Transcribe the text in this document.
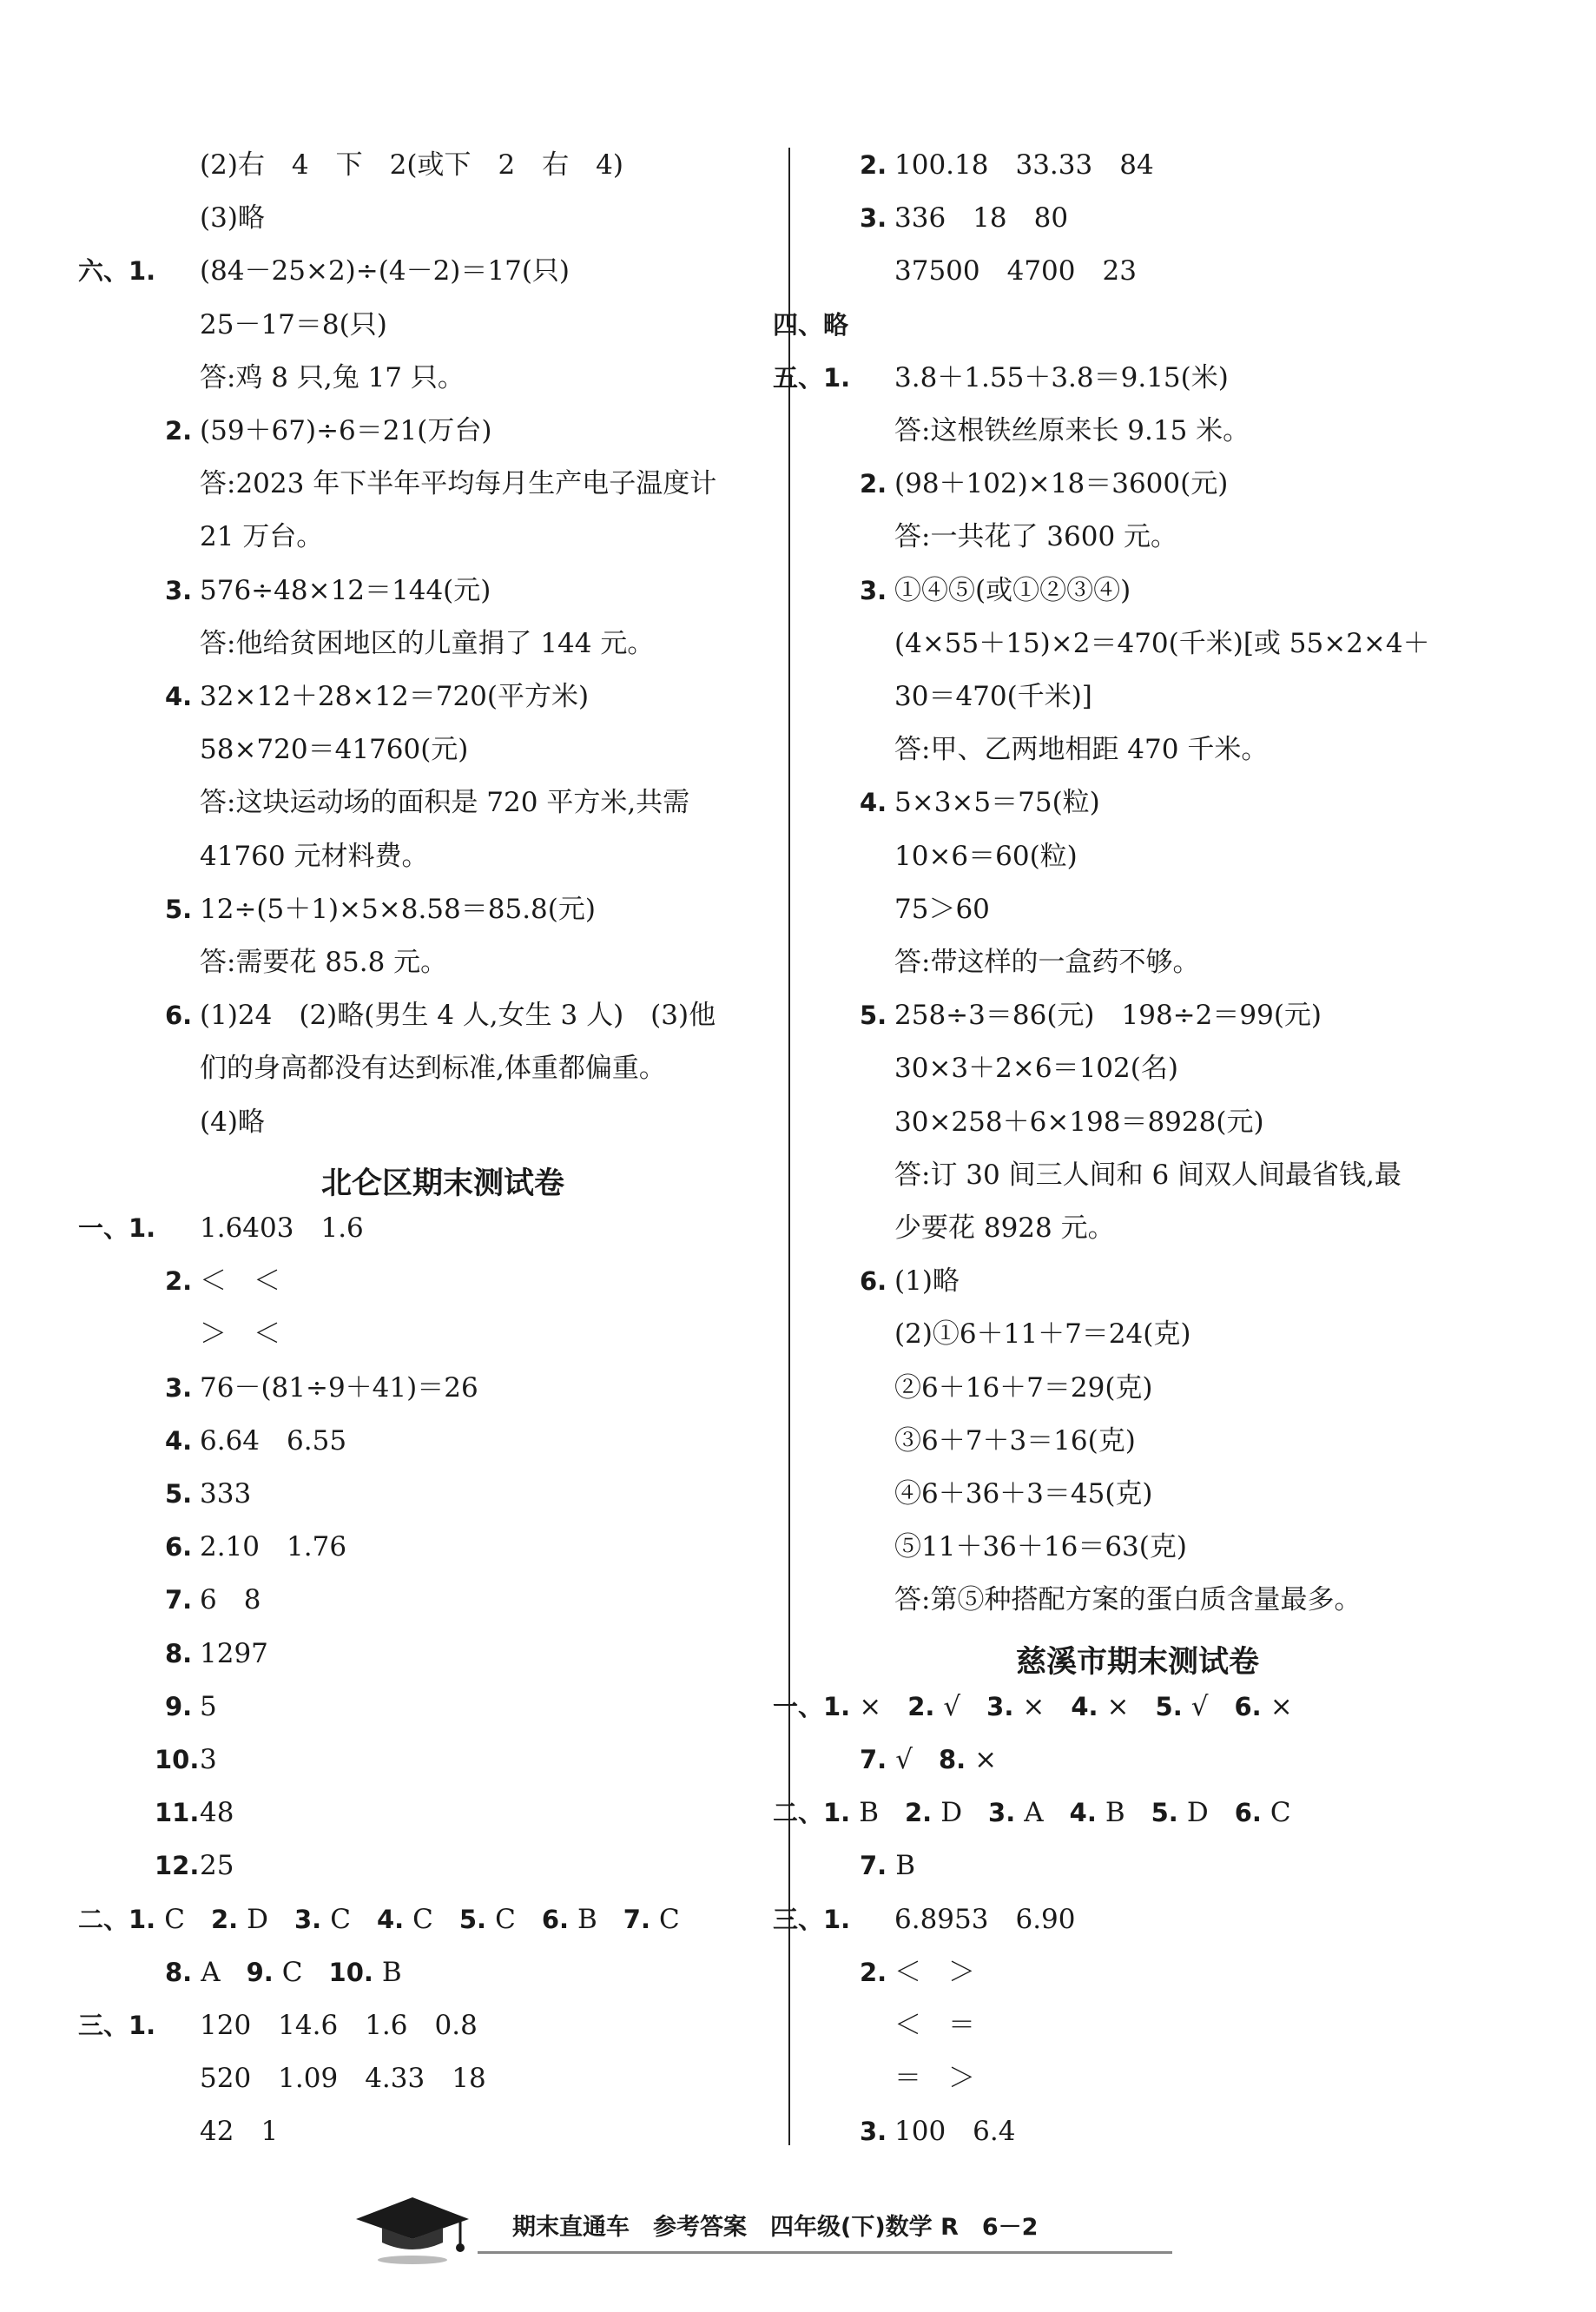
(2)右　4　下　2(或下　2　右　4)
(3)略
六、1. (84－25×2)÷(4－2)＝17(只)
25－17＝8(只)
答:鸡 8 只,兔 17 只。
2. (59＋67)÷6＝21(万台)
答:2023 年下半年平均每月生产电子温度计
21 万台。
3. 576÷48×12＝144(元)
答:他给贫困地区的儿童捐了 144 元。
4. 32×12＋28×12＝720(平方米)
58×720＝41760(元)
答:这块运动场的面积是 720 平方米,共需
41760 元材料费。
5. 12÷(5＋1)×5×8.58＝85.8(元)
答:需要花 85.8 元。
6. (1)24　(2)略(男生 4 人,女生 3 人)　(3)他
们的身高都没有达到标准,体重都偏重。
(4)略
北仑区期末测试卷
一、1. 1.6403　1.6
2. ＜　＜
＞　＜
3. 76－(81÷9＋41)＝26
4. 6.64　6.55
5. 333
6. 2.10　1.76
7. 6　8
8. 1297
9. 5
10. 3
11. 48
12. 25
二、1. C 2. D 3. C 4. C 5. C 6. B 7. C
8. A 9. C 10. B
三、1. 120　14.6　1.6　0.8
520　1.09　4.33　18
42　1
2. 100.18　33.33　84
3. 336　18　80
37500　4700　23
四、略
五、1. 3.8＋1.55＋3.8＝9.15(米)
答:这根铁丝原来长 9.15 米。
2. (98＋102)×18＝3600(元)
答:一共花了 3600 元。
3. ①④⑤(或①②③④)
(4×55＋15)×2＝470(千米)[或 55×2×4＋
30＝470(千米)]
答:甲、乙两地相距 470 千米。
4. 5×3×5＝75(粒)
10×6＝60(粒)
75＞60
答:带这样的一盒药不够。
5. 258÷3＝86(元)　198÷2＝99(元)
30×3＋2×6＝102(名)
30×258＋6×198＝8928(元)
答:订 30 间三人间和 6 间双人间最省钱,最
少要花 8928 元。
6. (1)略
(2)①6＋11＋7＝24(克)
②6＋16＋7＝29(克)
③6＋7＋3＝16(克)
④6＋36＋3＝45(克)
⑤11＋36＋16＝63(克)
答:第⑤种搭配方案的蛋白质含量最多。
慈溪市期末测试卷
一、1. × 2. √ 3. × 4. × 5. √ 6. ×
7. √ 8. ×
二、1. B 2. D 3. A 4. B 5. D 6. C
7. B
三、1. 6.8953　6.90
2. ＜　＞
＜　＝
＝　＞
3. 100　6.4
期末直通车　参考答案　四年级(下)数学 R　6－2
